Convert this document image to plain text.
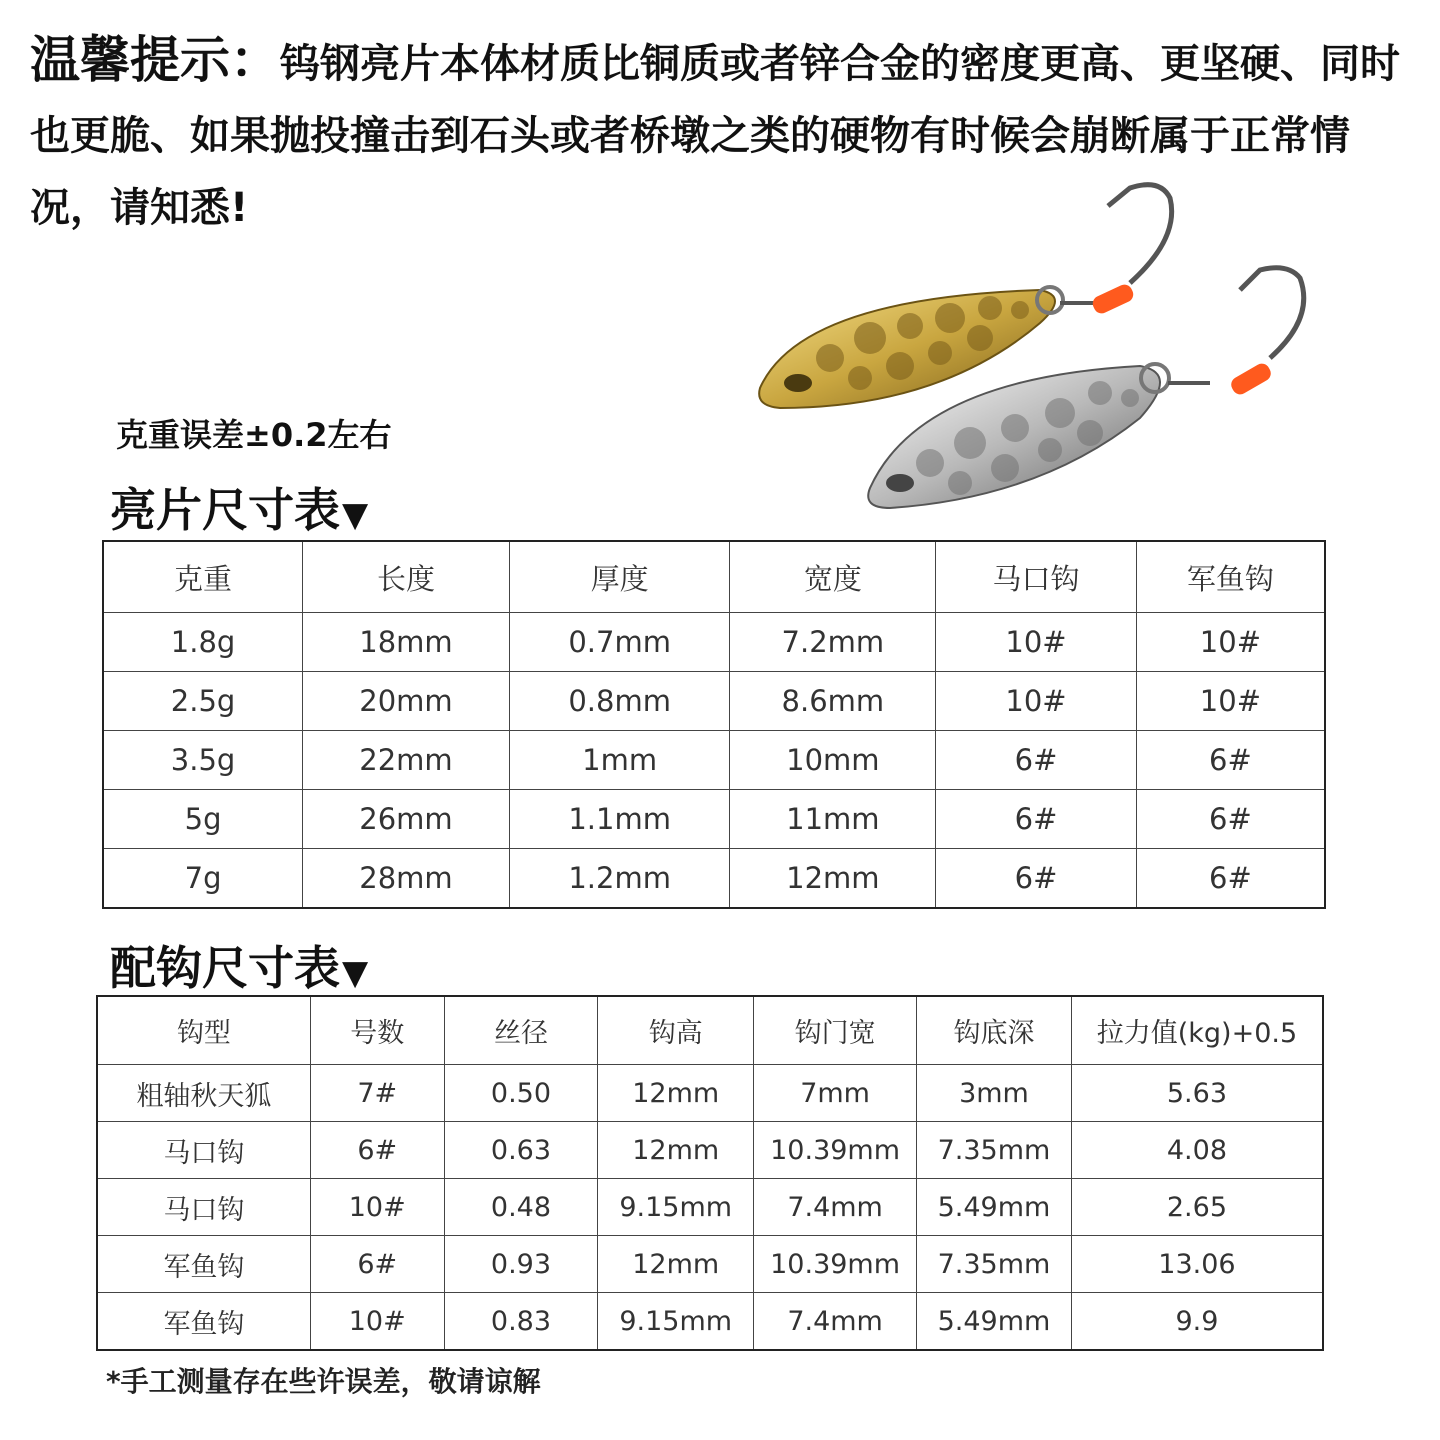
温馨提示：钨钢亮片本体材质比铜质或者锌合金的密度更高、更坚硬、同时也更脆、如果抛投撞击到石头或者桥墩之类的硬物有时候会崩断属于正常情况，请知悉!
克重误差±0.2左右
亮片尺寸表▼
克重	长度	厚度	宽度	马口钩	军鱼钩
1.8g	18mm	0.7mm	7.2mm	10#	10#
2.5g	20mm	0.8mm	8.6mm	10#	10#
3.5g	22mm	1mm	10mm	6#	6#
5g	26mm	1.1mm	11mm	6#	6#
7g	28mm	1.2mm	12mm	6#	6#
配钩尺寸表▼
钩型	号数	丝径	钩高	钩门宽	钩底深	拉力值(kg)+0.5
粗轴秋天狐	7#	0.50	12mm	7mm	3mm	5.63
马口钩	6#	0.63	12mm	10.39mm	7.35mm	4.08
马口钩	10#	0.48	9.15mm	7.4mm	5.49mm	2.65
军鱼钩	6#	0.93	12mm	10.39mm	7.35mm	13.06
军鱼钩	10#	0.83	9.15mm	7.4mm	5.49mm	9.9
*手工测量存在些许误差，敬请谅解
